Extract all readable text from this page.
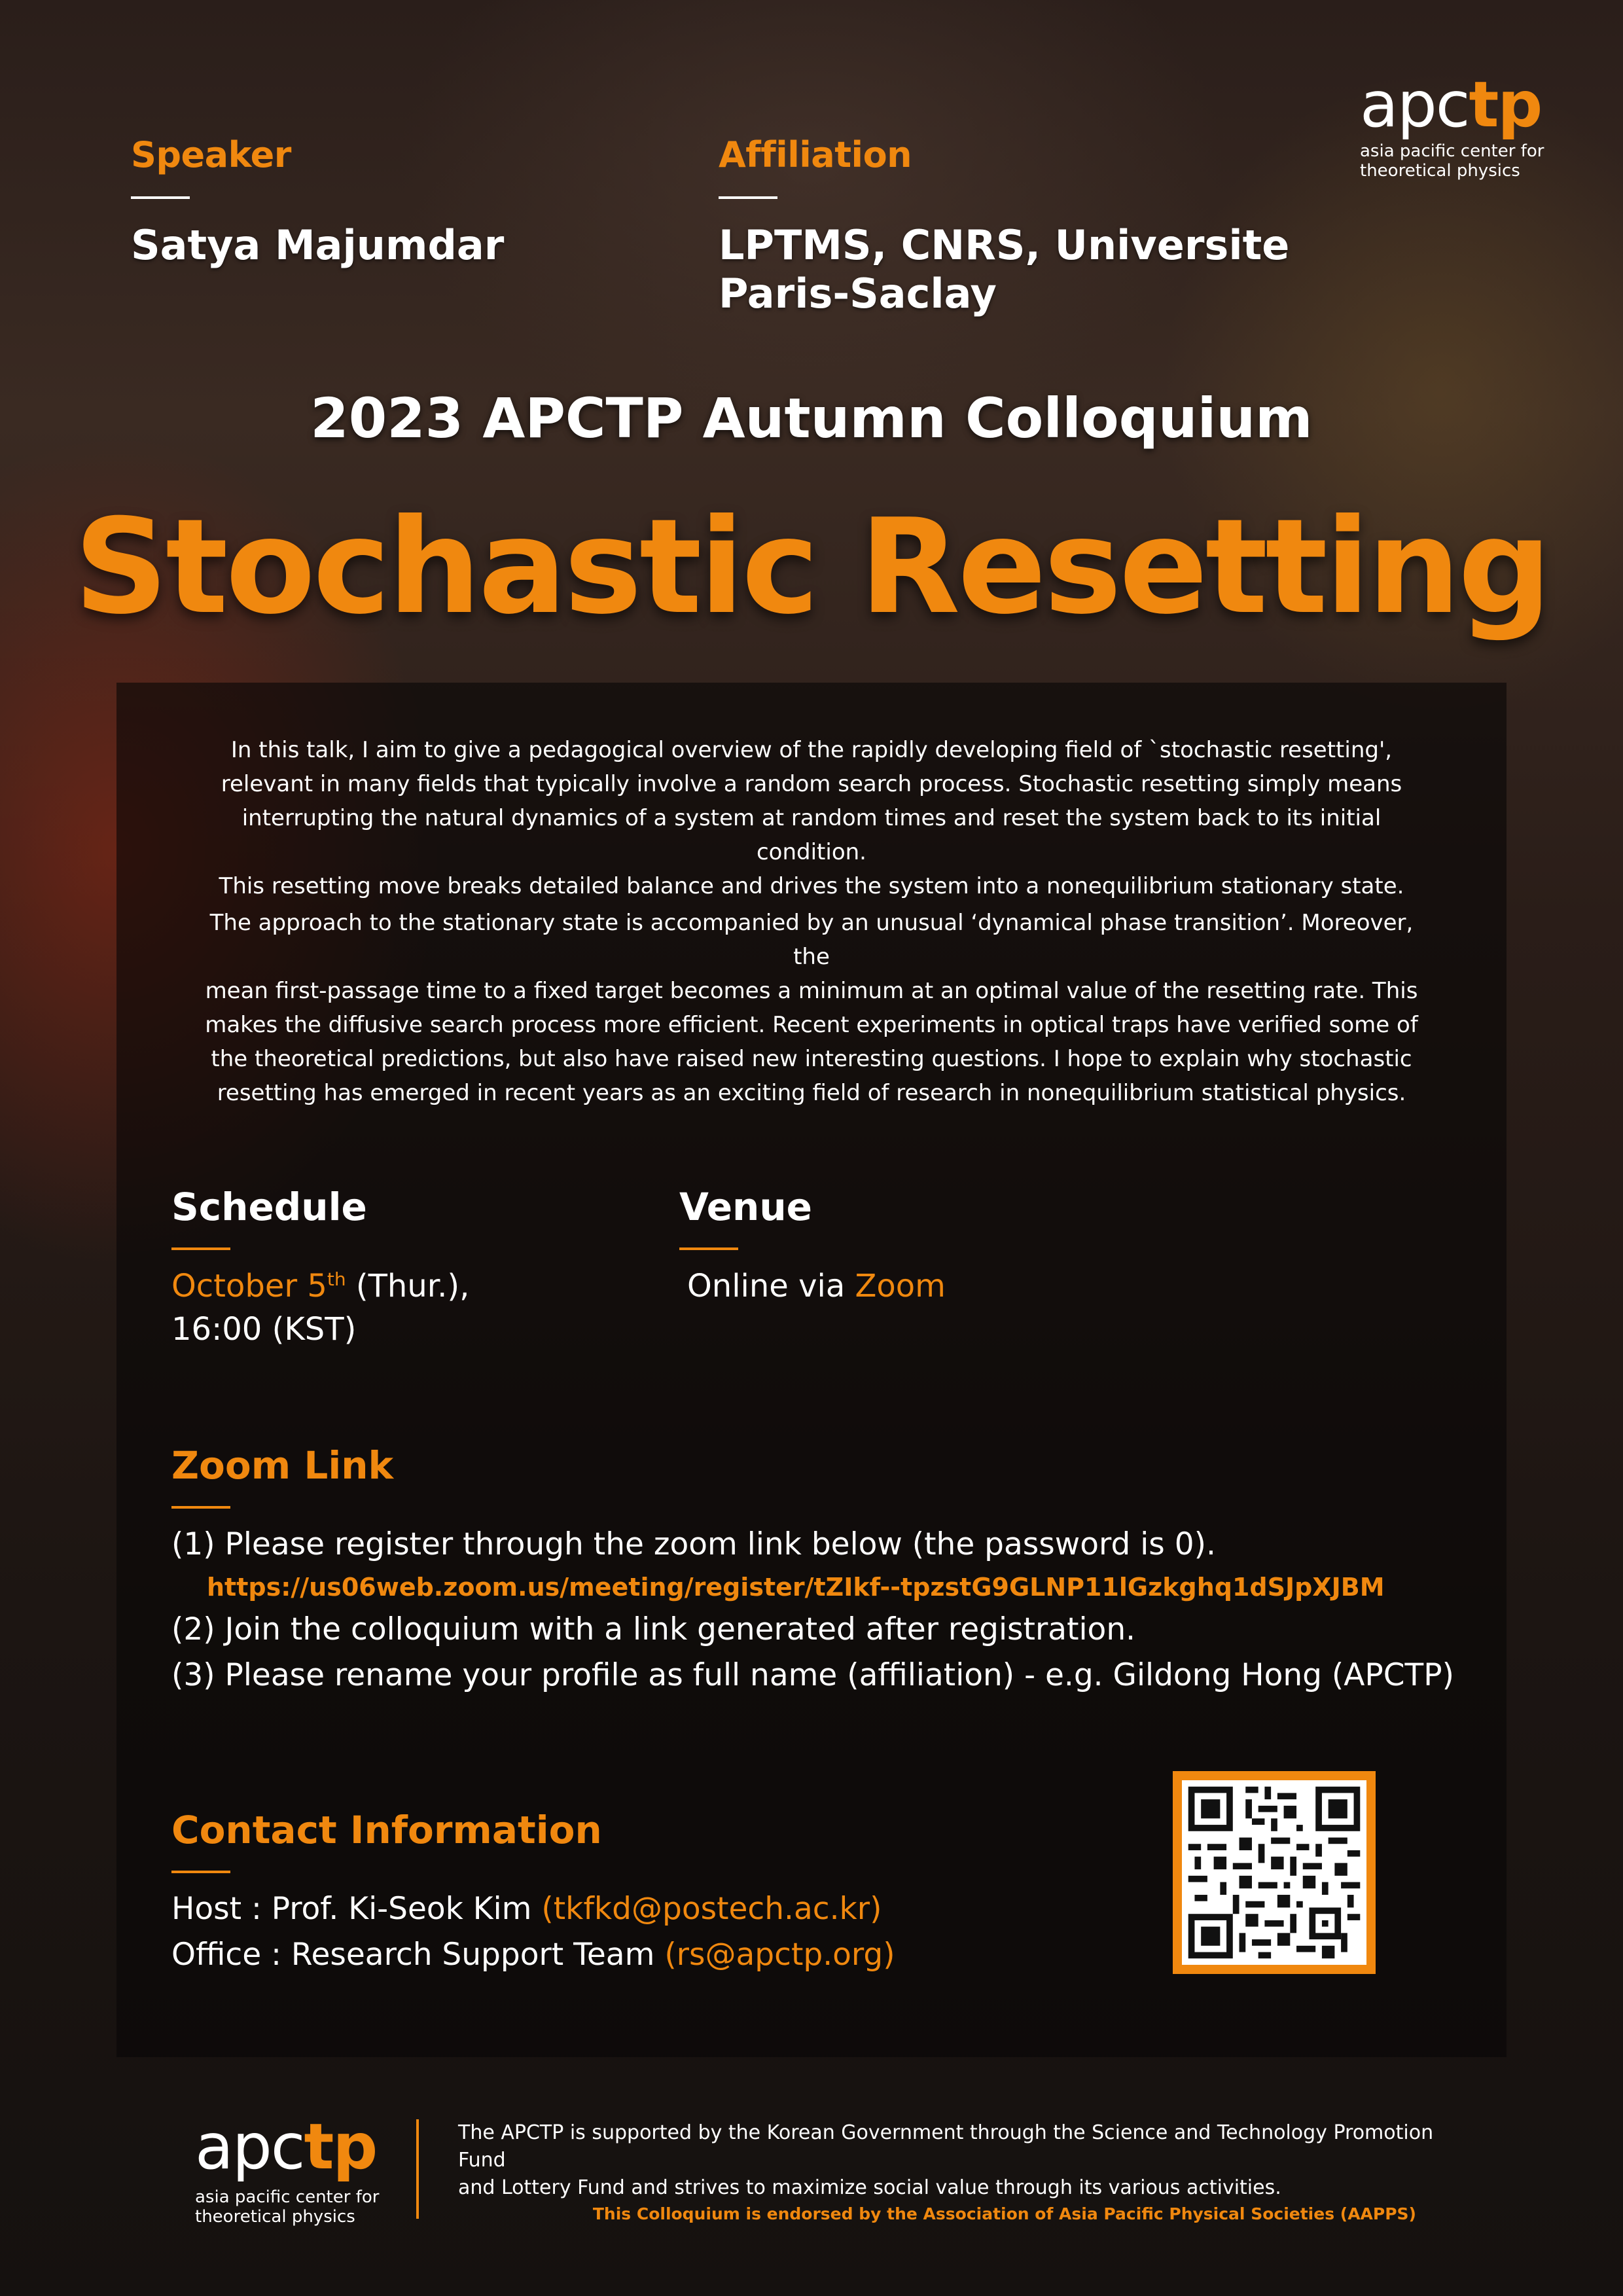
apctp
asia pacific center for
theoretical physics
Speaker
Satya Majumdar
Affiliation
LPTMS, CNRS, Universite
Paris-Saclay
2023 APCTP Autumn Colloquium
Stochastic Resetting
In this talk, I aim to give a pedagogical overview of the rapidly developing field of `stochastic resetting',
relevant in many fields that typically involve a random search process. Stochastic resetting simply means
interrupting the natural dynamics of a system at random times and reset the system back to its initial condition.
This resetting move breaks detailed balance and drives the system into a nonequilibrium stationary state.
The approach to the stationary state is accompanied by an unusual ‘dynamical phase transition’. Moreover, the
mean first-passage time to a fixed target becomes a minimum at an optimal value of the resetting rate. This
makes the diffusive search process more efficient. Recent experiments in optical traps have verified some of
the theoretical predictions, but also have raised new interesting questions. I hope to explain why stochastic
resetting has emerged in recent years as an exciting field of research in nonequilibrium statistical physics.
Schedule
October 5th (Thur.),
16:00 (KST)
Venue
Online via Zoom
Zoom Link
(1) Please register through the zoom link below (the password is 0).
https://us06web.zoom.us/meeting/register/tZIkf--tpzstG9GLNP11lGzkghq1dSJpXJBM
(2) Join the colloquium with a link generated after registration.
(3) Please rename your profile as full name (affiliation) - e.g. Gildong Hong (APCTP)
Contact Information
Host : Prof. Ki-Seok Kim (tkfkd@postech.ac.kr)
Office : Research Support Team (rs@apctp.org)
apctp
asia pacific center for
theoretical physics
The APCTP is supported by the Korean Government through the Science and Technology Promotion Fund
and Lottery Fund and strives to maximize social value through its various activities.
This Colloquium is endorsed by the Association of Asia Pacific Physical Societies (AAPPS)
